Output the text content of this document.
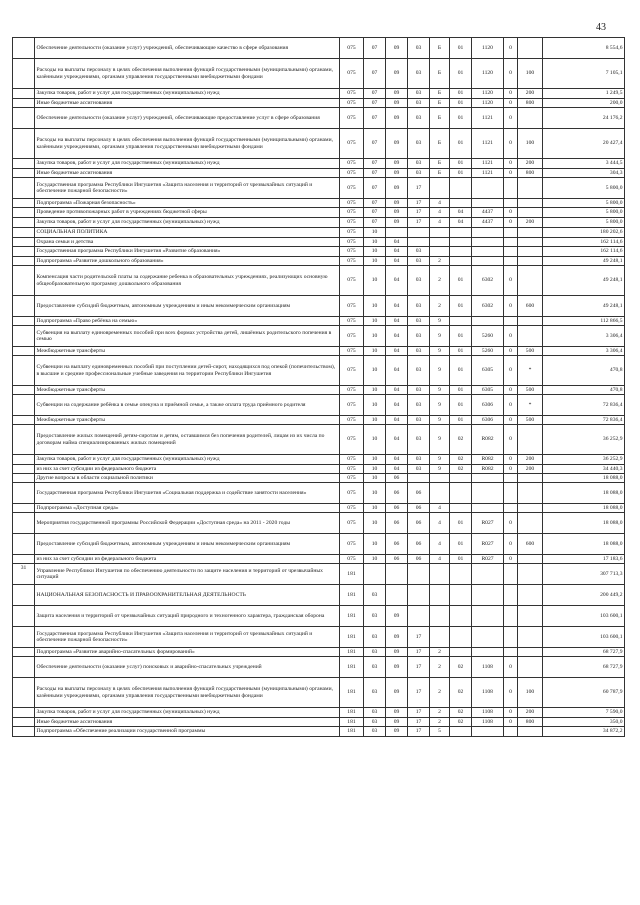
43
	Обеспечение деятельности (оказание услуг) учреждений, обеспечивающие качество в сфере образования	075	07	09	03	Б	01	1120	0		8 554,6
	Расходы на выплаты персоналу в целях обеспечения выполнения функций государственными (муниципальными) органами, казёнными учреждениями, органами управления государственными внебюджетными фондами	075	07	09	03	Б	01	1120	0	100	7 105,1
	Закупка товаров, работ и услуг для государственных (муниципальных) нужд	075	07	09	03	Б	01	1120	0	200	1 249,5
	Иные бюджетные ассигнования	075	07	09	03	Б	01	1120	0	800	200,0
	Обеспечение деятельности (оказание услуг) учреждений, обеспечивающие предоставление услуг в сфере образования	075	07	09	03	Б	01	1121	0		24 176,2
	Расходы на выплаты персоналу в целях обеспечения выполнения функций государственными (муниципальными) органами, казёнными учреждениями, органами управления государственными внебюджетными фондами	075	07	09	03	Б	01	1121	0	100	20 427,4
	Закупка товаров, работ и услуг для государственных (муниципальных) нужд	075	07	09	03	Б	01	1121	0	200	3 444,5
	Иные бюджетные ассигнования	075	07	09	03	Б	01	1121	0	800	304,3
	Государственная программа Республики Ингушетия «Защита населения и территорий от чрезвычайных ситуаций и обеспечение пожарной безопасности»	075	07	09	17						5 800,0
	Подпрограмма «Пожарная безопасность»	075	07	09	17	4					5 800,0
	Проведение противопожарных работ в учреждениях бюджетной сферы	075	07	09	17	4	04	4437	0		5 800,0
	Закупка товаров, работ и услуг для государственных (муниципальных) нужд	075	07	09	17	4	04	4437	0	200	5 800,0
	СОЦИАЛЬНАЯ ПОЛИТИКА	075	10								180 202,6
	Охрана семьи и детства	075	10	04							162 114,6
	Государственная программа Республики Ингушетия «Развитие образования»	075	10	04	03						162 114,6
	Подпрограмма «Развитие дошкольного образования»	075	10	04	03	2					49 248,1
	Компенсация части родительской платы за содержание ребенка в образовательных учреждениях, реализующих основную общеобразовательную программу дошкольного образования	075	10	04	03	2	01	6302	0		49 248,1
	Предоставление субсидий бюджетным, автономным учреждениям и иным некоммерческим организациям	075	10	04	03	2	01	6302	0	600	49 248,1
	Подпрограмма «Право ребёнка на семью»	075	10	04	03	9					112 866,5
	Субвенция на выплату единовременных пособий при всех формах устройства детей, лишённых родительского попечения в семью	075	10	04	03	9	01	5260	0		3 306,4
	Межбюджетные трансферты	075	10	04	03	9	01	5260	0	500	3 306,4
	Субвенции на выплату единовременных пособий при поступлении детей-сирот, находящихся под опекой (попечительством), в высшие и средние профессиональные учебные заведения на территории Республики Ингушетия	075	10	04	03	9	01	6305	0	*	470,8
	Межбюджетные трансферты	075	10	04	03	9	01	6305	0	500	470,8
	Субвенции на содержание ребёнка в семье опекуна и приёмной семье, а также оплата труда приёмного родителя	075	10	04	03	9	01	6306	0	*	72 836,4
	Межбюджетные трансферты	075	10	04	03	9	01	6306	0	500	72 836,4
	Предоставление жилых помещений детям-сиротам и детям, оставшимся без попечения родителей, лицам из их числа по договорам найма специализированных жилых помещений	075	10	04	03	9	02	R082	0		36 252,9
	Закупка товаров, работ и услуг для государственных (муниципальных) нужд	075	10	04	03	9	02	R082	0	200	36 252,9
	из них за счет субсидии из федерального бюджета	075	10	04	03	9	02	R082	0	200	34 440,3
	Другие вопросы в области социальной политики	075	10	06							18 088,0
	Государственная программа Республики Ингушетия «Социальная поддержка и содействие занятости населения»	075	10	06	06						18 088,0
	Подпрограмма «Доступная среда»	075	10	06	06	4					18 088,0
	Мероприятия государственной программы Российской Федерации «Доступная среда» на 2011 - 2020 годы	075	10	06	06	4	01	R027	0		18 088,0
	Предоставление субсидий бюджетным, автономным учреждениям и иным некоммерческим организациям	075	10	06	06	4	01	R027	0	600	18 088,0
	из них за счет субсидии из федерального бюджета	075	10	06	06	4	01	R027	0		17 183,6
31	Управление Республики Ингушетия по обеспечению деятельности по защите населения и территорий от чрезвычайных ситуаций	181									307 713,3
	НАЦИОНАЛЬНАЯ БЕЗОПАСНОСТЬ И ПРАВООХРАНИТЕЛЬНАЯ ДЕЯТЕЛЬНОСТЬ	181	03								200 449,2
	Защита населения и территорий от чрезвычайных ситуаций природного и техногенного характера, гражданская оборона	181	03	09							103 600,1
	Государственная программа Республики Ингушетия «Защита населения и территорий от чрезвычайных ситуаций и обеспечение пожарной безопасности»	181	03	09	17						103 600,1
	Подпрограмма «Развитие аварийно-спасательных формирований»	181	03	09	17	2					68 727,9
	Обеспечение деятельности (оказание услуг) поисковых и аварийно-спасательных учреждений	181	03	09	17	2	02	1108	0		68 727,9
	Расходы на выплаты персоналу в целях обеспечения выполнения функций государственными (муниципальными) органами, казёнными учреждениями, органами управления государственными внебюджетными фондами	181	03	09	17	2	02	1108	0	100	60 787,9
	Закупка товаров, работ и услуг для государственных (муниципальных) нужд	181	03	09	17	2	02	1108	0	200	7 590,0
	Иные бюджетные ассигнования	181	03	09	17	2	02	1108	0	800	350,0
	Подпрограмма «Обеспечение реализации государственной программы	181	03	09	17	5					34 872,2
